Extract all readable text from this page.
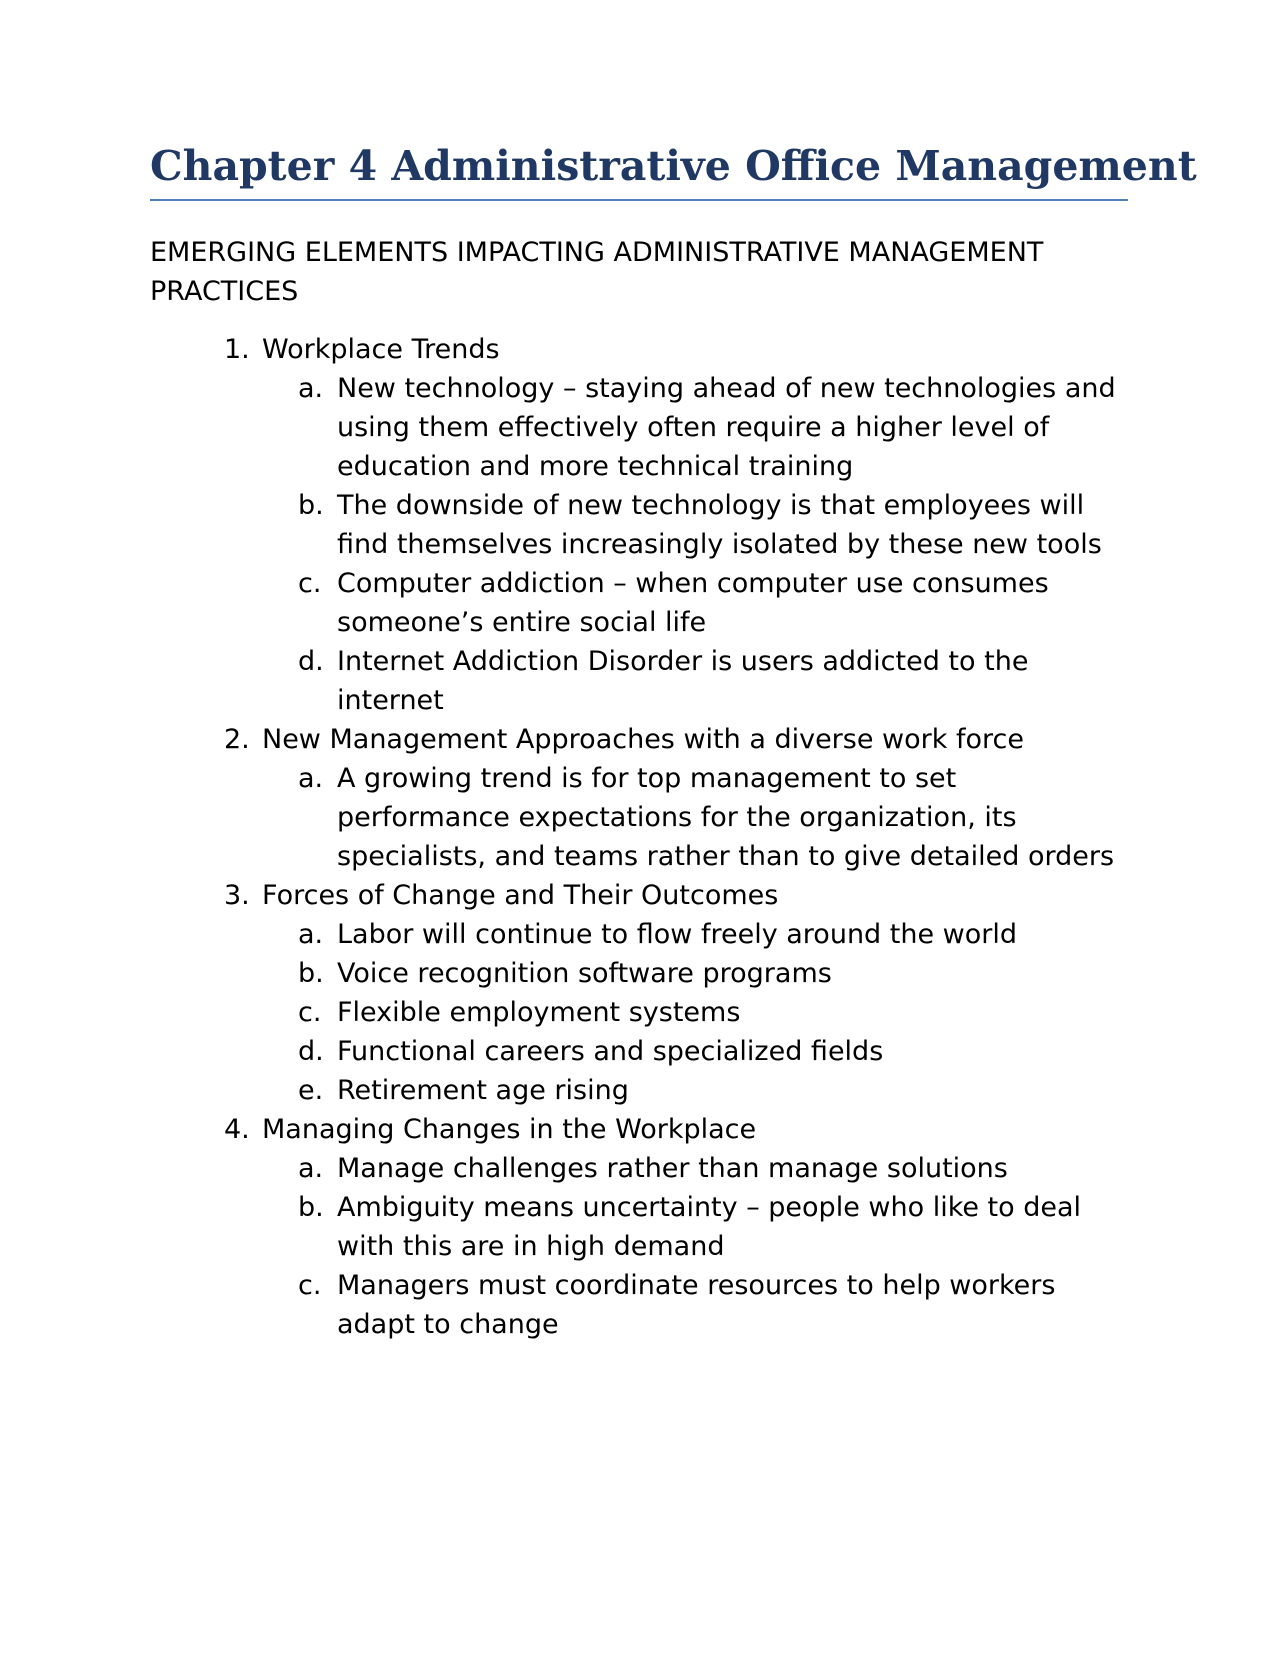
Chapter 4 Administrative Office Management

EMERGING ELEMENTS IMPACTING ADMINISTRATIVE MANAGEMENT PRACTICES

1. Workplace Trends
a. New technology – staying ahead of new technologies and using them effectively often require a higher level of education and more technical training
b. The downside of new technology is that employees will find themselves increasingly isolated by these new tools
c. Computer addiction – when computer use consumes someone’s entire social life
d. Internet Addiction Disorder is users addicted to the internet
2. New Management Approaches with a diverse work force
a. A growing trend is for top management to set performance expectations for the organization, its specialists, and teams rather than to give detailed orders
3. Forces of Change and Their Outcomes
a. Labor will continue to flow freely around the world
b. Voice recognition software programs
c. Flexible employment systems
d. Functional careers and specialized fields
e. Retirement age rising
4. Managing Changes in the Workplace
a. Manage challenges rather than manage solutions
b. Ambiguity means uncertainty – people who like to deal with this are in high demand
c. Managers must coordinate resources to help workers adapt to change
